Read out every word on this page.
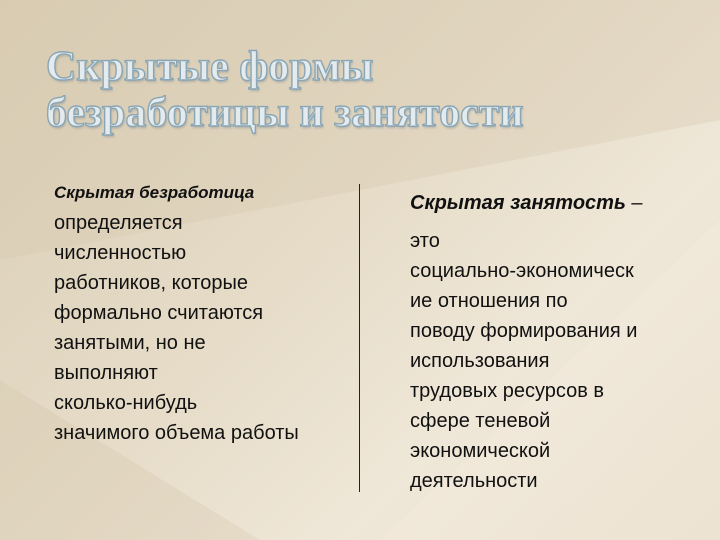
Скрытые формы
безработицы и занятости
Скрытая безработица
определяется
численностью
работников, которые
формально считаются
занятыми, но не
выполняют
сколько-нибудь
значимого объема работы
Скрытая занятость –
это
социально-экономическ
ие отношения по
поводу формирования и
использования
трудовых ресурсов в
сфере теневой
экономической
деятельности
